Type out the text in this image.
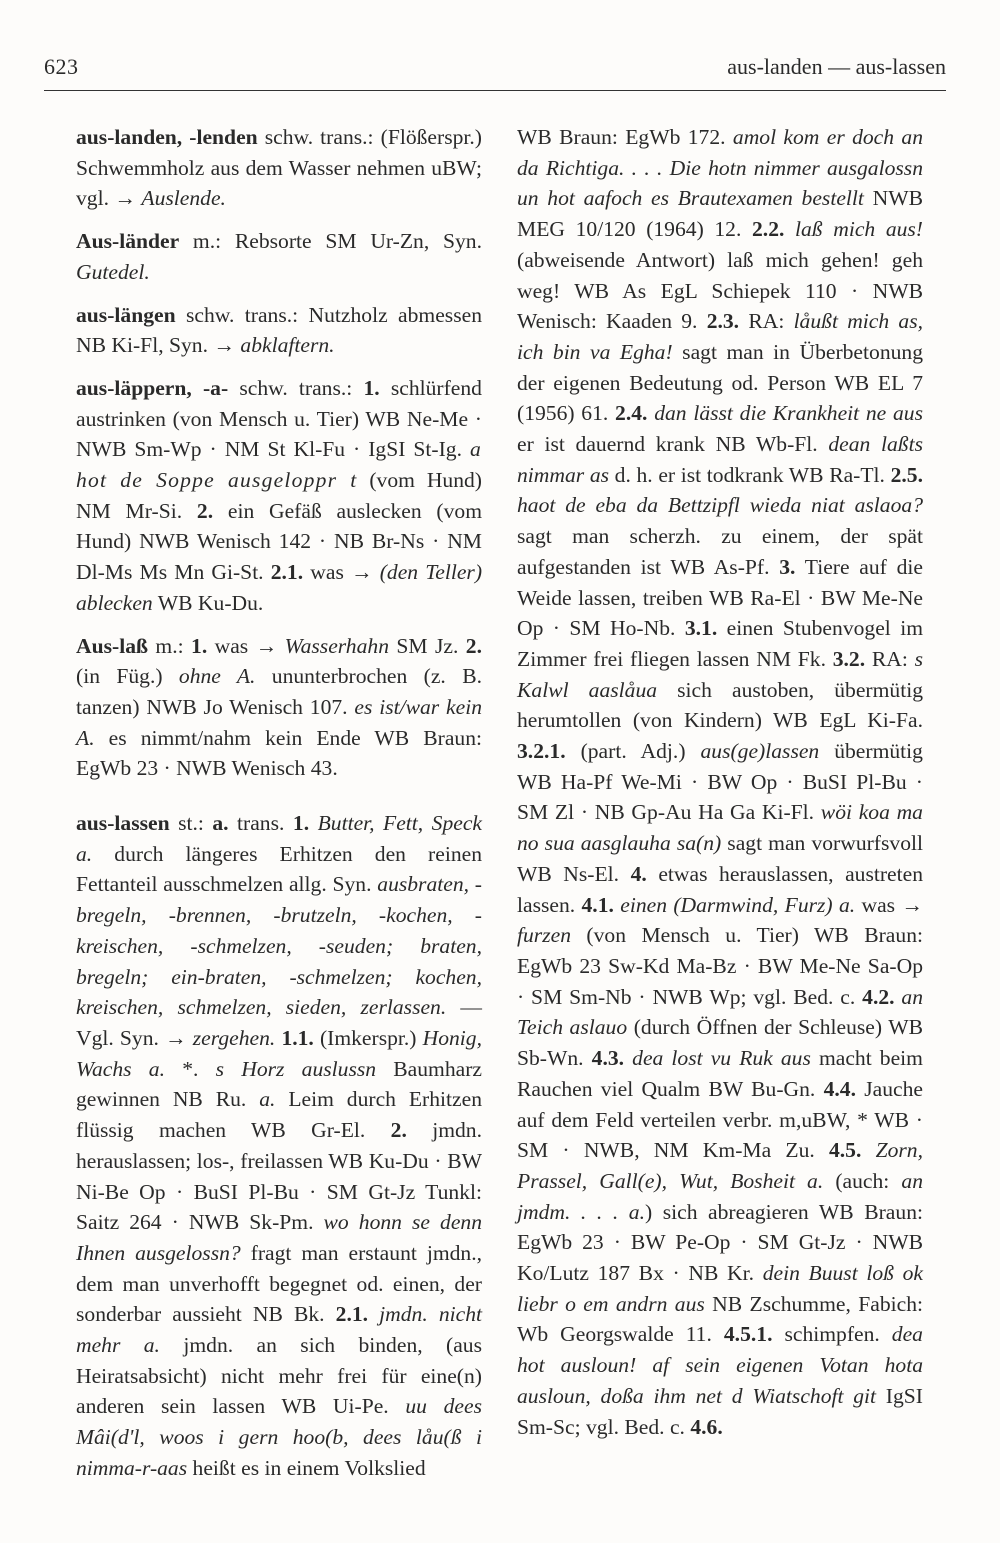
623	aus-landen — aus-lassen

aus-landen, -lenden schw. trans.: (Flößerspr.) Schwemmholz aus dem Wasser nehmen uBW; vgl. → Auslende.

Aus-länder m.: Rebsorte SM Ur-Zn, Syn. Gutedel.

aus-längen schw. trans.: Nutzholz abmessen NB Ki-Fl, Syn. → abklaftern.

aus-läppern, -a- schw. trans.: 1. schlürfend austrinken (von Mensch u. Tier) WB Ne-Me · NWB Sm-Wp · NM St Kl-Fu · IgSI St-Ig. a hot de Soppe ausgeloppr t (vom Hund) NM Mr-Si. 2. ein Gefäß auslecken (vom Hund) NWB Wenisch 142 · NB Br-Ns · NM Dl-Ms Ms Mn Gi-St. 2.1. was → (den Teller) ablecken WB Ku-Du.

Aus-laß m.: 1. was → Wasserhahn SM Jz. 2. (in Füg.) ohne A. ununterbrochen (z. B. tanzen) NWB Jo Wenisch 107. es ist/war kein A. es nimmt/nahm kein Ende WB Braun: EgWb 23 · NWB Wenisch 43.

aus-lassen st.: a. trans. 1. Butter, Fett, Speck a. durch längeres Erhitzen den reinen Fettanteil ausschmelzen allg. Syn. ausbraten, -bregeln, -brennen, -brutzeln, -kochen, -kreischen, -schmelzen, -seuden; braten, bregeln; ein-braten, -schmelzen; kochen, kreischen, schmelzen, sieden, zerlassen. — Vgl. Syn. → zergehen. 1.1. (Imkerspr.) Honig, Wachs a. *. s Horz auslussn Baumharz gewinnen NB Ru. a. Leim durch Erhitzen flüssig machen WB Gr-El. 2. jmdn. herauslassen; los-, freilassen WB Ku-Du · BW Ni-Be Op · BuSI Pl-Bu · SM Gt-Jz Tunkl: Saitz 264 · NWB Sk-Pm. wo honn se denn Ihnen ausgelossn? fragt man erstaunt jmdn., dem man unverhofft begegnet od. einen, der sonderbar aussieht NB Bk. 2.1. jmdn. nicht mehr a. jmdn. an sich binden, (aus Heiratsabsicht) nicht mehr frei für eine(n) anderen sein lassen WB Ui-Pe. uu dees Mâi(d'l, woos i gern hoo(b, dees låu(ß i nimma-r-aas heißt es in einem Volkslied

WB Braun: EgWb 172. amol kom er doch an da Richtiga. . . . Die hotn nimmer ausgalossn un hot aafoch es Brautexamen bestellt NWB MEG 10/120 (1964) 12. 2.2. laß mich aus! (abweisende Antwort) laß mich gehen! geh weg! WB As EgL Schiepek 110 · NWB Wenisch: Kaaden 9. 2.3. RA: låußt mich as, ich bin va Egha! sagt man in Überbetonung der eigenen Bedeutung od. Person WB EL 7 (1956) 61. 2.4. dan lässt die Krankheit ne aus er ist dauernd krank NB Wb-Fl. dean laßts nimmar as d. h. er ist todkrank WB Ra-Tl. 2.5. haot de eba da Bettzipfl wieda niat aslaoa? sagt man scherzh. zu einem, der spät aufgestanden ist WB As-Pf. 3. Tiere auf die Weide lassen, treiben WB Ra-El · BW Me-Ne Op · SM Ho-Nb. 3.1. einen Stubenvogel im Zimmer frei fliegen lassen NM Fk. 3.2. RA: s Kalwl aaslåua sich austoben, übermütig herumtollen (von Kindern) WB EgL Ki-Fa. 3.2.1. (part. Adj.) aus(ge)lassen übermütig WB Ha-Pf We-Mi · BW Op · BuSI Pl-Bu · SM Zl · NB Gp-Au Ha Ga Ki-Fl. wöi koa ma no sua aasglauha sa(n) sagt man vorwurfsvoll WB Ns-El. 4. etwas herauslassen, austreten lassen. 4.1. einen (Darmwind, Furz) a. was → furzen (von Mensch u. Tier) WB Braun: EgWb 23 Sw-Kd Ma-Bz · BW Me-Ne Sa-Op · SM Sm-Nb · NWB Wp; vgl. Bed. c. 4.2. an Teich aslauo (durch Öffnen der Schleuse) WB Sb-Wn. 4.3. dea lost vu Ruk aus macht beim Rauchen viel Qualm BW Bu-Gn. 4.4. Jauche auf dem Feld verteilen verbr. m,uBW, * WB · SM · NWB, NM Km-Ma Zu. 4.5. Zorn, Prassel, Gall(e), Wut, Bosheit a. (auch: an jmdm. . . . a.) sich abreagieren WB Braun: EgWb 23 · BW Pe-Op · SM Gt-Jz · NWB Ko/Lutz 187 Bx · NB Kr. dein Buust loß ok liebr o em andrn aus NB Zschumme, Fabich: Wb Georgswalde 11. 4.5.1. schimpfen. dea hot ausloun! af sein eigenen Votan hota ausloun, doßa ihm net d Wiatschoft git IgSI Sm-Sc; vgl. Bed. c. 4.6.
